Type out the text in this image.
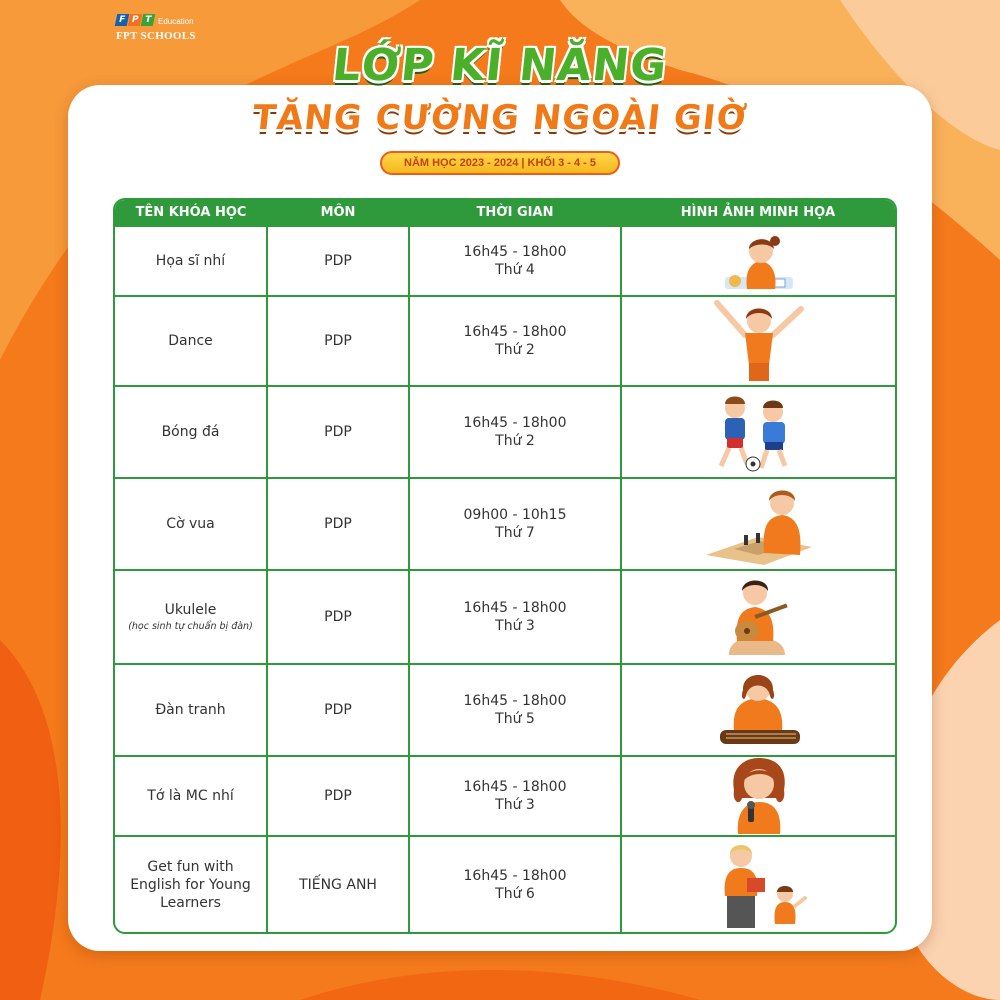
F P T Education
FPT SCHOOLS
LỚP KĨ NĂNG
TĂNG CƯỜNG NGOÀI GIỜ
NĂM HỌC 2023 - 2024 | KHỐI 3 - 4 - 5
TÊN KHÓA HỌC	MÔN	THỜI GIAN	HÌNH ẢNH MINH HỌA
Họa sĩ nhí	PDP	16h45 - 18h00
Thứ 4	

Dance	PDP	16h45 - 18h00
Thứ 2	

Bóng đá	PDP	16h45 - 18h00
Thứ 2	

Cờ vua	PDP	09h00 - 10h15
Thứ 7	

Ukulele
(học sinh tự chuẩn bị đàn)	PDP	16h45 - 18h00
Thứ 3	

Đàn tranh	PDP	16h45 - 18h00
Thứ 5	

Tớ là MC nhí	PDP	16h45 - 18h00
Thứ 3	

Get fun with English for Young Learners	TIẾNG ANH	16h45 - 18h00
Thứ 6	
